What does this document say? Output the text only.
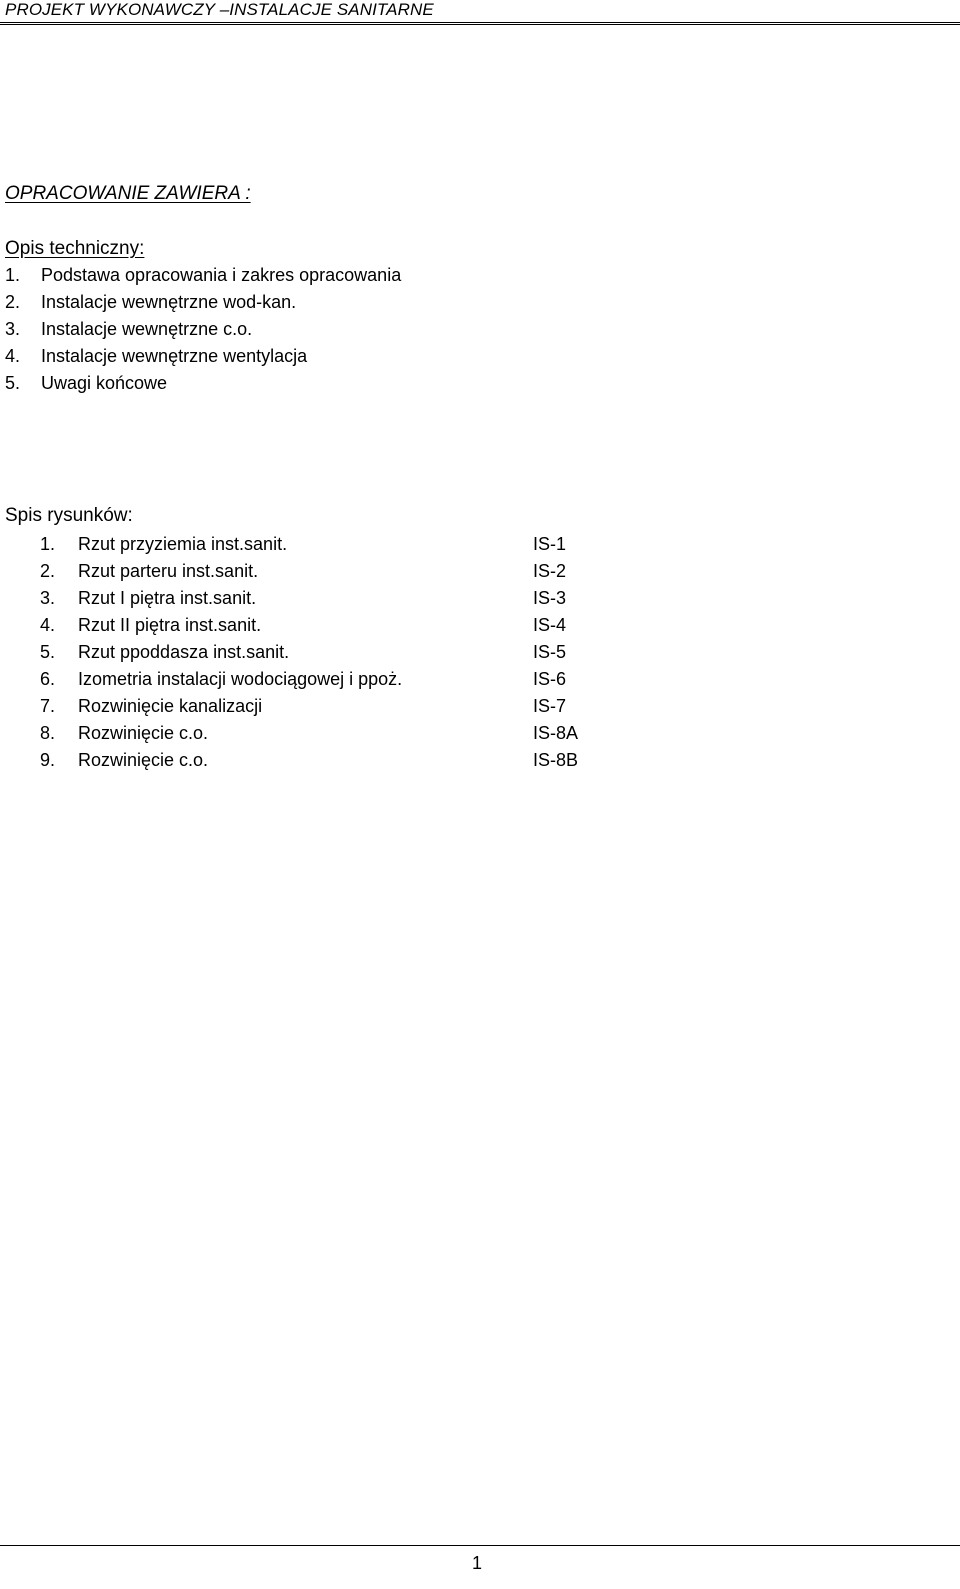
PROJEKT WYKONAWCZY –INSTALACJE SANITARNE
OPRACOWANIE ZAWIERA :
Opis techniczny:
1.	Podstawa opracowania i zakres opracowania
2.	Instalacje wewnętrzne wod-kan.
3.	Instalacje wewnętrzne c.o.
4.	Instalacje wewnętrzne wentylacja
5.	Uwagi końcowe
Spis rysunków:
1.	Rzut przyziemia inst.sanit.	IS-1
2.	Rzut parteru inst.sanit.	IS-2
3.	Rzut I piętra inst.sanit.	IS-3
4.	Rzut II piętra inst.sanit.	IS-4
5.	Rzut ppoddasza inst.sanit.	IS-5
6.	Izometria instalacji wodociągowej i ppoż.	IS-6
7.	Rozwinięcie kanalizacji	IS-7
8.	Rozwinięcie c.o.	IS-8A
9.	Rozwinięcie c.o.	IS-8B
1
